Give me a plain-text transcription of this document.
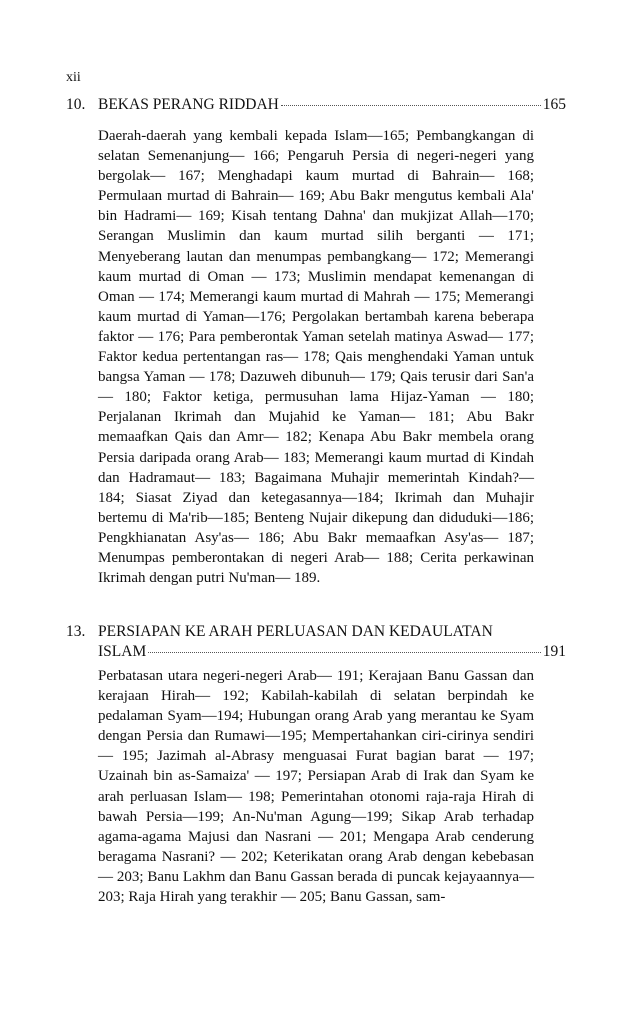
xii
10. BEKAS PERANG RIDDAH	165

Daerah-daerah yang kembali kepada Islam—165; Pembangkangan di selatan Semenanjung— 166; Pengaruh Persia di negeri-negeri yang bergolak— 167; Menghadapi kaum murtad di Bahrain— 168; Permulaan murtad di Bahrain— 169; Abu Bakr mengutus kembali Ala' bin Hadrami— 169; Kisah tentang Dahna' dan mukjizat Allah—170; Serangan Muslimin dan kaum murtad silih berganti — 171; Menyeberang lautan dan menumpas pembangkang— 172; Memerangi kaum murtad di Oman — 173; Muslimin mendapat kemenangan di Oman — 174; Memerangi kaum murtad di Mahrah — 175; Memerangi kaum murtad di Yaman—176; Pergolakan bertambah karena beberapa faktor — 176; Para pemberontak Yaman setelah matinya Aswad— 177; Faktor kedua pertentangan ras— 178; Qais menghendaki Yaman untuk bangsa Yaman — 178; Dazuweh dibunuh— 179; Qais terusir dari San'a— 180; Faktor ketiga, permusuhan lama Hijaz-Yaman — 180; Perjalanan Ikrimah dan Mujahid ke Yaman— 181; Abu Bakr memaafkan Qais dan Amr— 182; Kenapa Abu Bakr membela orang Persia daripada orang Arab— 183; Memerangi kaum murtad di Kindah dan Hadramaut— 183; Bagaimana Muhajir memerintah Kindah?— 184; Siasat Ziyad dan ketegasannya—184; Ikrimah dan Muhajir bertemu di Ma'rib—185; Benteng Nujair dikepung dan diduduki—186; Pengkhianatan Asy'as— 186; Abu Bakr memaafkan Asy'as— 187; Menumpas pemberontakan di negeri Arab— 188; Cerita perkawinan Ikrimah dengan putri Nu'man— 189.

13. PERSIAPAN KE ARAH PERLUASAN DAN KEDAULATAN
ISLAM	191

Perbatasan utara negeri-negeri Arab— 191; Kerajaan Banu Gassan dan kerajaan Hirah— 192; Kabilah-kabilah di selatan berpindah ke pedalaman Syam—194; Hubungan orang Arab yang merantau ke Syam dengan Persia dan Rumawi—195; Mempertahankan ciri-cirinya sendiri— 195; Jazimah al-Abrasy menguasai Furat bagian barat — 197; Uzainah bin as-Samaiza' — 197; Persiapan Arab di Irak dan Syam ke arah perluasan Islam— 198; Pemerintahan otonomi raja-raja Hirah di bawah Persia—199; An-Nu'man Agung—199; Sikap Arab terhadap agama-agama Majusi dan Nasrani — 201; Mengapa Arab cenderung beragama Nasrani? — 202; Keterikatan orang Arab dengan kebebasan — 203; Banu Lakhm dan Banu Gassan berada di puncak kejayaannya— 203; Raja Hirah yang terakhir — 205; Banu Gassan, sam-
